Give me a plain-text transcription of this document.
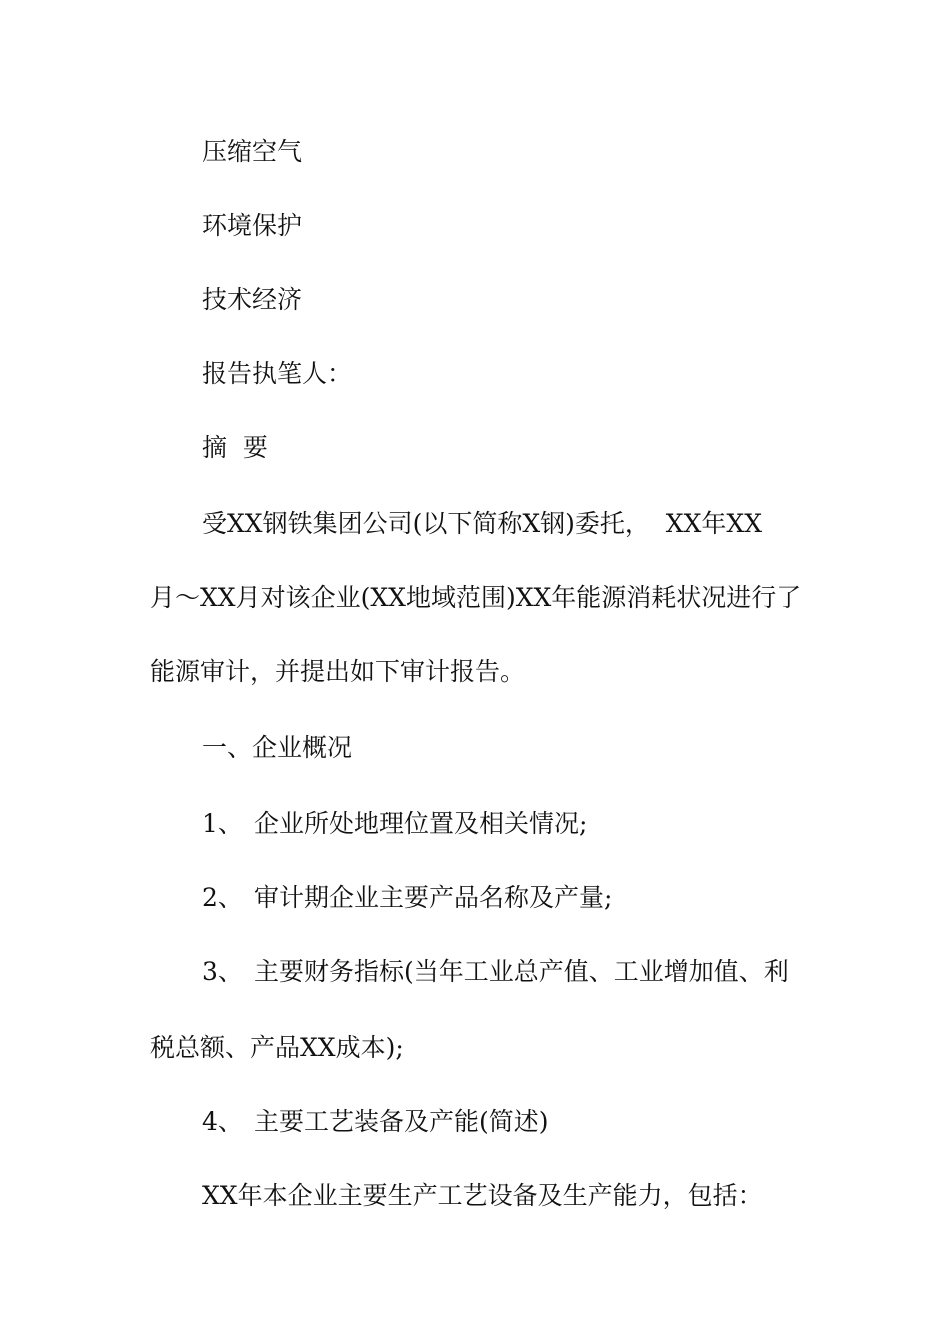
压缩空气
环境保护
技术经济
报告执笔人：
摘  要
受XX钢铁集团公司(以下简称X钢)委托，  XX年XX
月～XX月对该企业(XX地域范围)XX年能源消耗状况进行了
能源审计，并提出如下审计报告。
一、企业概况
1、 企业所处地理位置及相关情况;
2、 审计期企业主要产品名称及产量;
3、 主要财务指标(当年工业总产值、工业增加值、利
税总额、产品XX成本);
4、 主要工艺装备及产能(简述)
XX年本企业主要生产工艺设备及生产能力，包括：
